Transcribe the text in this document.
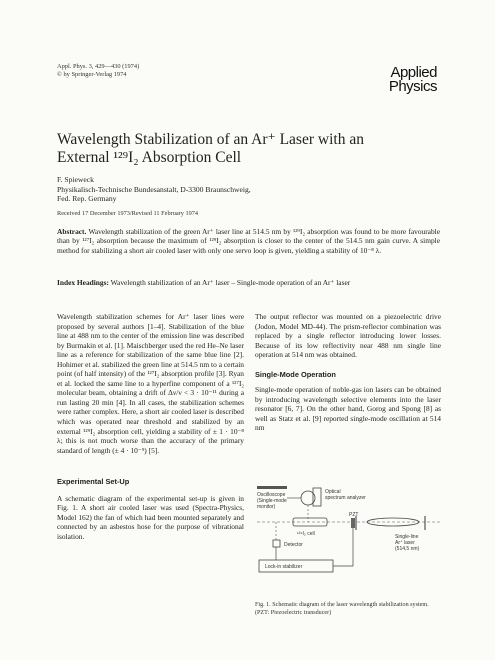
Appl. Phys. 3, 429—430 (1974)
© by Springer-Verlag 1974	Applied
Physics
Wavelength Stabilization of an Ar⁺ Laser with an
External ¹²⁹I₂ Absorption Cell
F. Spieweck
Physikalisch-Technische Bundesanstalt, D-3300 Braunschweig,
Fed. Rep. Germany
Received 17 December 1973/Revised 11 February 1974
Abstract. Wavelength stabilization of the green Ar⁺ laser line at 514.5 nm by ¹²⁹I₂ absorption was found to be more favourable than by ¹²⁷I₂ absorption because the maximum of ¹²⁹I₂ absorption is closer to the center of the 514.5 nm gain curve. A simple method for stabilizing a short air cooled laser with only one servo loop is given, yielding a stability of 10⁻⁸ λ.
Index Headings: Wavelength stabilization of an Ar⁺ laser – Single-mode operation of an Ar⁺ laser

Wavelength stabilization schemes for Ar⁺ laser lines were proposed by several authors [1–4]. Stabilization of the blue line at 488 nm to the center of the emission line was described by Burmakin et al. [1]. Maischberger used the red He–Ne laser line as a reference for stabilization of the same blue line [2]. Hohimer et al. stabilized the green line at 514.5 nm to a certain point (of half intensity) of the ¹²⁷I₂ absorption profile [3]. Ryan et al. locked the same line to a hyperfine component of a ¹²⁷I₂ molecular beam, obtaining a drift of Δν/ν < 3 · 10⁻¹¹ during a run lasting 20 min [4]. In all cases, the stabilization schemes were rather complex. Here, a short air cooled laser is described which was operated near threshold and stabilized by an external ¹²⁹I₂ absorption cell, yielding a stability of ± 1 · 10⁻⁸ λ; this is not much worse than the accuracy of the primary standard of length (± 4 · 10⁻⁹) [5].

Experimental Set-Up

A schematic diagram of the experimental set-up is given in Fig. 1. A short air cooled laser was used (Spectra-Physics, Model 162) the fan of which had been mounted separately and connected by an asbestos hose for the purpose of vibrational isolation.

The output reflector was mounted on a piezoelectric drive (Jodon, Model MD-44). The prism-reflector combination was replaced by a single reflector introducing lower losses. Because of its low reflectivity near 488 nm single line operation at 514 nm was obtained.

Single-Mode Operation

Single-mode operation of noble-gas ion lasers can be obtained by introducing wavelength selective elements into the laser resonator [6, 7]. On the other hand, Gorog and Spong [8] as well as Statz et al. [9] reported single-mode oscillation at 514 nm

Optical
spectrum analyzer
Oscilloscope
(Single-mode
monitor)
PZT
Single-line
Ar⁺ laser
(514,5 nm)
¹²⁹I₂ cell
Detector
Lock-in stabilizer
Fig. 1. Schematic diagram of the laser wavelength stabilization system. (PZT: Piezoelectric transducer)
